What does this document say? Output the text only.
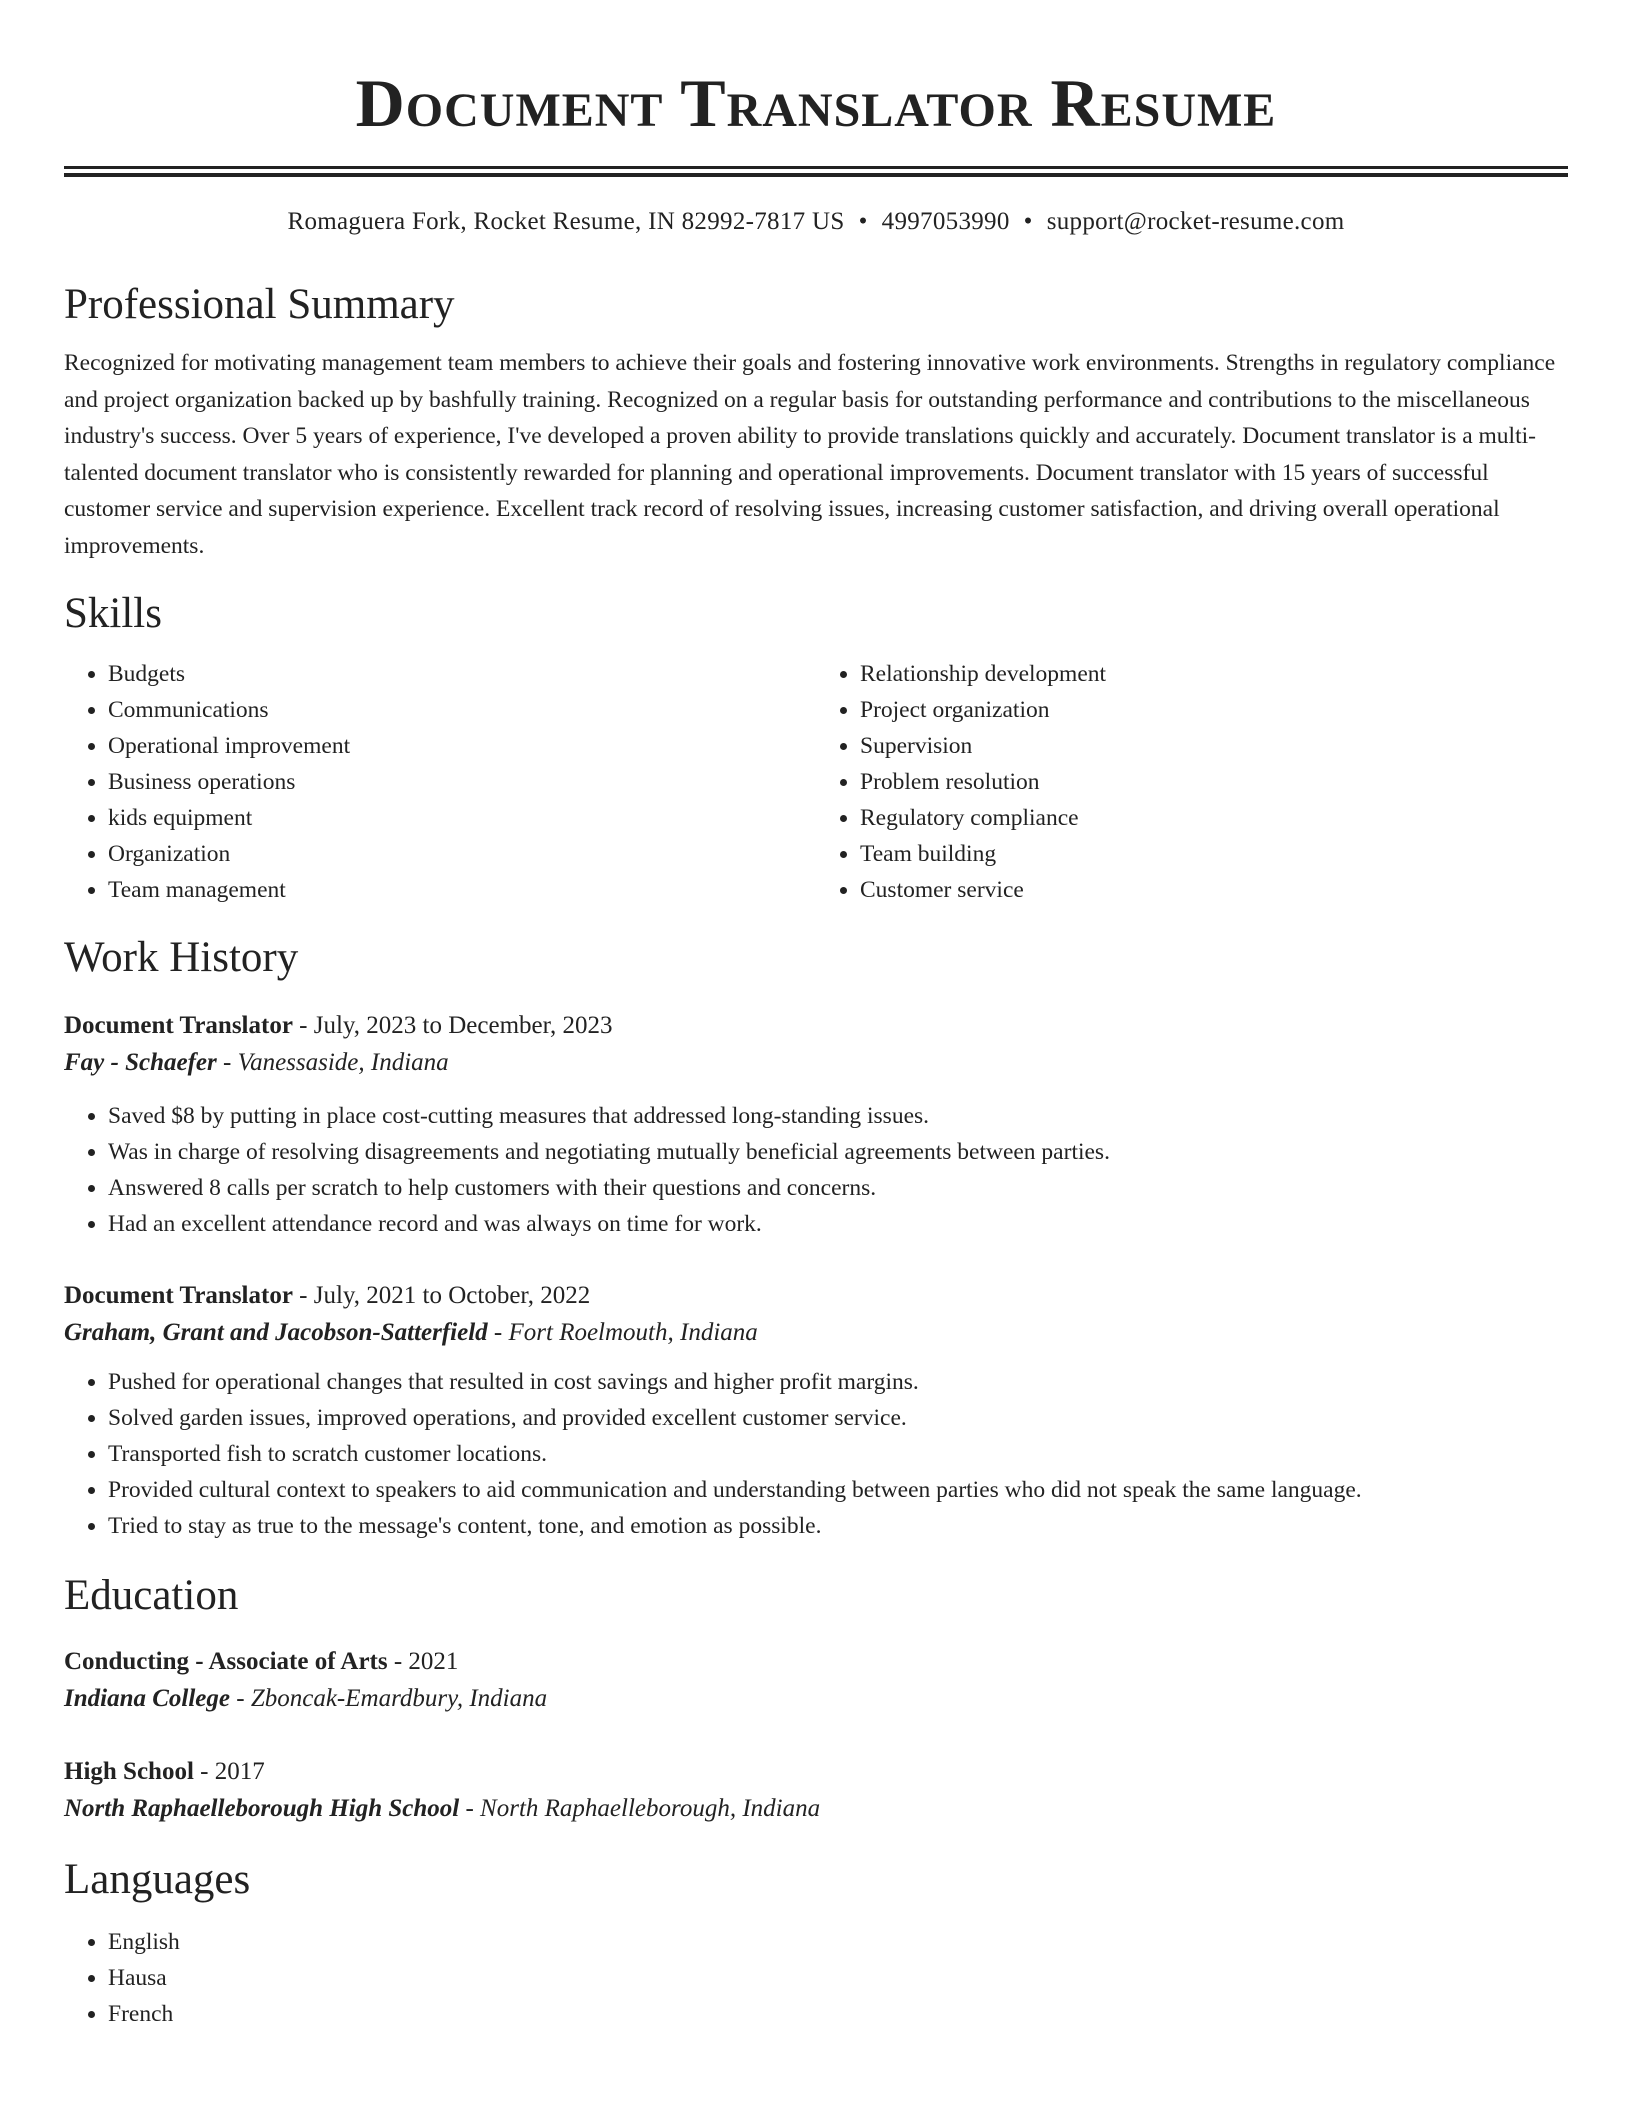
Document Translator Resume
Romaguera Fork, Rocket Resume, IN 82992-7817 US • 4997053990 • support@rocket-resume.com
Professional Summary
Recognized for motivating management team members to achieve their goals and fostering innovative work environments. Strengths in regulatory compliance and project organization backed up by bashfully training. Recognized on a regular basis for outstanding performance and contributions to the miscellaneous industry's success. Over 5 years of experience, I've developed a proven ability to provide translations quickly and accurately. Document translator is a multi-talented document translator who is consistently rewarded for planning and operational improvements. Document translator with 15 years of successful customer service and supervision experience. Excellent track record of resolving issues, increasing customer satisfaction, and driving overall operational improvements.
Skills
• Budgets
• Communications
• Operational improvement
• Business operations
• kids equipment
• Organization
• Team management
• Relationship development
• Project organization
• Supervision
• Problem resolution
• Regulatory compliance
• Team building
• Customer service
Work History
Document Translator - July, 2023 to December, 2023
Fay - Schaefer - Vanessaside, Indiana
• Saved $8 by putting in place cost-cutting measures that addressed long-standing issues.
• Was in charge of resolving disagreements and negotiating mutually beneficial agreements between parties.
• Answered 8 calls per scratch to help customers with their questions and concerns.
• Had an excellent attendance record and was always on time for work.
Document Translator - July, 2021 to October, 2022
Graham, Grant and Jacobson-Satterfield - Fort Roelmouth, Indiana
• Pushed for operational changes that resulted in cost savings and higher profit margins.
• Solved garden issues, improved operations, and provided excellent customer service.
• Transported fish to scratch customer locations.
• Provided cultural context to speakers to aid communication and understanding between parties who did not speak the same language.
• Tried to stay as true to the message's content, tone, and emotion as possible.
Education
Conducting - Associate of Arts - 2021
Indiana College - Zboncak-Emardbury, Indiana
High School - 2017
North Raphaelleborough High School - North Raphaelleborough, Indiana
Languages
• English
• Hausa
• French
